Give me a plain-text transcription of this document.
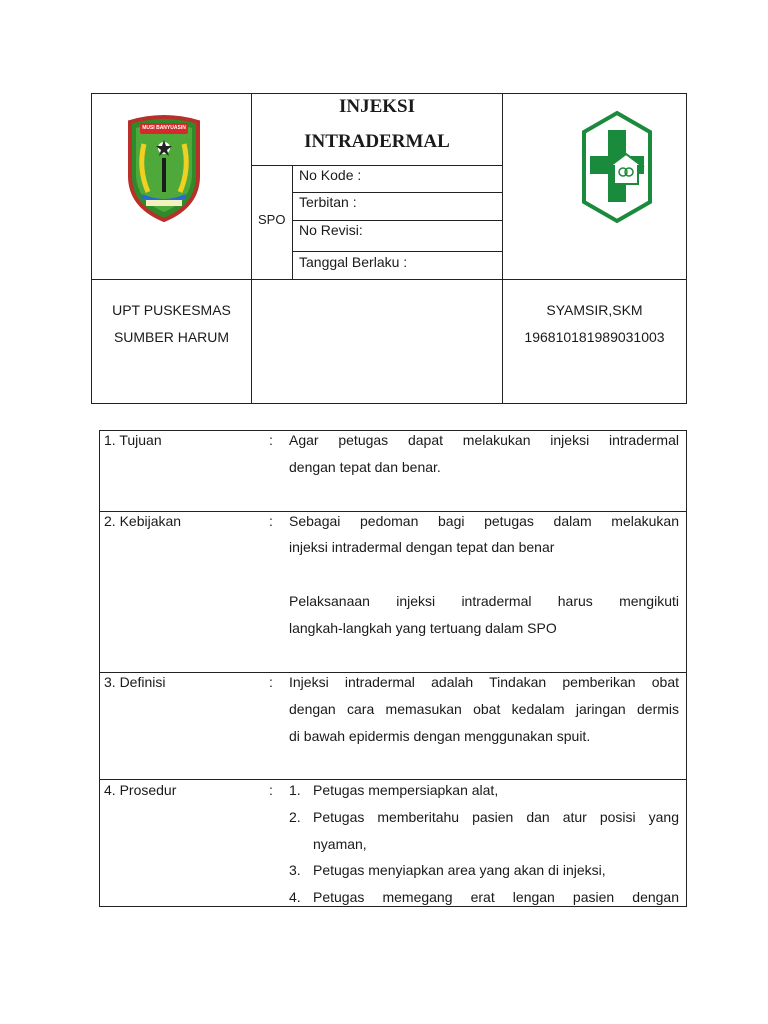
MUSI BANYUASIN
INJEKSI
INTRADERMAL
SPO
No Kode :
Terbitan :
No Revisi:
Tanggal Berlaku :
UPT PUSKESMAS
SUMBER HARUM
SYAMSIR,SKM
196810181989031003
1. Tujuan	: Agar petugas dapat melakukan injeksi intradermal
dengan tepat dan benar.
2. Kebijakan	: Sebagai pedoman bagi petugas dalam melakukan
injeksi intradermal dengan tepat dan benar
Pelaksanaan injeksi intradermal harus mengikuti
langkah-langkah yang tertuang dalam SPO
3. Definisi	: Injeksi intradermal adalah Tindakan pemberikan obat
dengan cara memasukan obat kedalam jaringan dermis
di bawah epidermis dengan menggunakan spuit.
4. Prosedur	: 1. Petugas mempersiapkan alat,
2. Petugas memberitahu pasien dan atur posisi yang
nyaman,
3. Petugas menyiapkan area yang akan di injeksi,
4. Petugas memegang erat lengan pasien dengan
